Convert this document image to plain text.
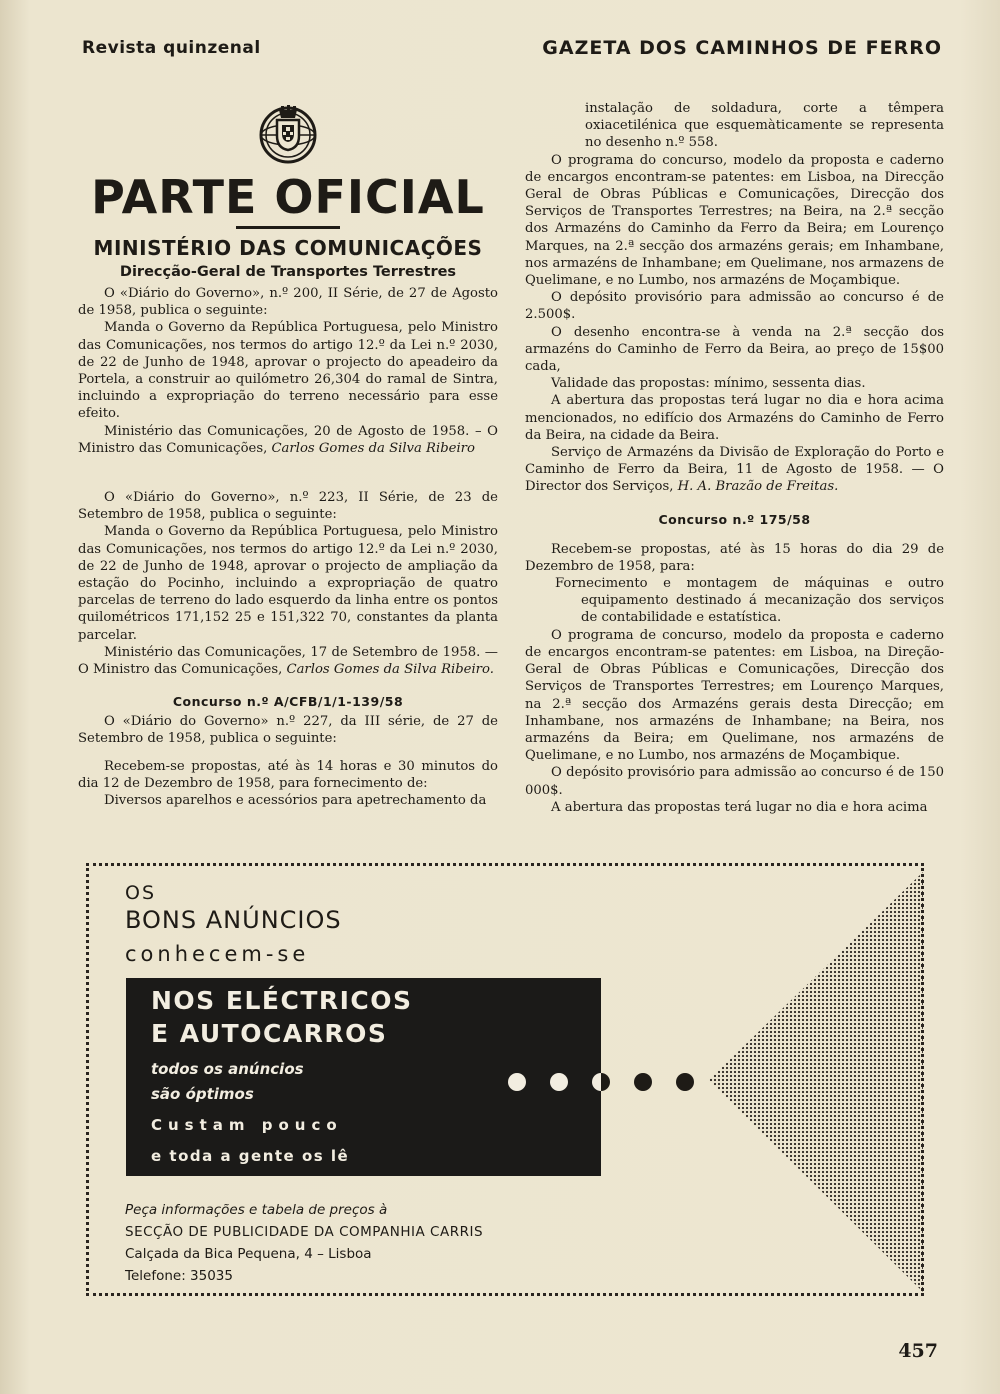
Revista quinzenal	GAZETA DOS CAMINHOS DE FERRO
PARTE OFICIAL
MINISTÉRIO DAS COMUNICAÇÕES
Direcção-Geral de Transportes Terrestres

O «Diário do Governo», n.º 200, II Série, de 27 de Agosto de 1958, publica o seguinte:

Manda o Governo da República Portuguesa, pelo Ministro das Comunicações, nos termos do artigo 12.º da Lei n.º 2030, de 22 de Junho de 1948, aprovar o projecto do apeadeiro da Portela, a construir ao quilómetro 26,304 do ramal de Sintra, incluindo a expropriação do terreno necessário para esse efeito.

Ministério das Comunicações, 20 de Agosto de 1958. – O Ministro das Comunicações, Carlos Gomes da Silva Ribeiro

O «Diário do Governo», n.º 223, II Série, de 23 de Setembro de 1958, publica o seguinte:

Manda o Governo da República Portuguesa, pelo Ministro das Comunicações, nos termos do artigo 12.º da Lei n.º 2030, de 22 de Junho de 1948, aprovar o projecto de ampliação da estação do Pocinho, incluindo a expropriação de quatro parcelas de terreno do lado esquerdo da linha entre os pontos quilométricos 171,152 25 e 151,322 70, constantes da planta parcelar.

Ministério das Comunicações, 17 de Setembro de 1958. — O Ministro das Comunicações, Carlos Gomes da Silva Ribeiro.

Concurso n.º A/CFB/1/1-139/58

O «Diário do Governo» n.º 227, da III série, de 27 de Setembro de 1958, publica o seguinte:

Recebem-se propostas, até às 14 horas e 30 minutos do dia 12 de Dezembro de 1958, para fornecimento de:

Diversos aparelhos e acessórios para apetrechamento da

instalação de soldadura, corte a têmpera oxiacetilénica que esquemàticamente se representa no desenho n.º 558.

O programa do concurso, modelo da proposta e caderno de encargos encontram-se patentes: em Lisboa, na Direcção Geral de Obras Públicas e Comunicações, Direcção dos Serviços de Transportes Terrestres; na Beira, na 2.ª secção dos Armazéns do Caminho da Ferro da Beira; em Lourenço Marques, na 2.ª secção dos armazéns gerais; em Inhambane, nos armazéns de Inhambane; em Quelimane, nos armazens de Quelimane, e no Lumbo, nos armazéns de Moçambique.

O depósito provisório para admissão ao concurso é de 2.500$.

O desenho encontra-se à venda na 2.ª secção dos armazéns do Caminho de Ferro da Beira, ao preço de 15$00 cada,

Validade das propostas: mínimo, sessenta dias.

A abertura das propostas terá lugar no dia e hora acima mencionados, no edifício dos Armazéns do Caminho de Ferro da Beira, na cidade da Beira.

Serviço de Armazéns da Divisão de Exploração do Porto e Caminho de Ferro da Beira, 11 de Agosto de 1958. — O Director dos Serviços, H. A. Brazão de Freitas.

Concurso n.º 175/58

Recebem-se propostas, até às 15 horas do dia 29 de Dezembro de 1958, para:

Fornecimento e montagem de máquinas e outro equipamento destinado á mecanização dos serviços de contabilidade e estatística.

O programa de concurso, modelo da proposta e caderno de encargos encontram-se patentes: em Lisboa, na Direção-Geral de Obras Públicas e Comunicações, Direcção dos Serviços de Transportes Terrestres; em Lourenço Marques, na 2.ª secção dos Armazéns gerais desta Direcção; em Inhambane, nos armazéns de Inhambane; na Beira, nos armazéns da Beira; em Quelimane, nos armazéns de Quelimane, e no Lumbo, nos armazéns de Moçambique.

O depósito provisório para admissão ao concurso é de 150 000$.

A abertura das propostas terá lugar no dia e hora acima

OS
BONS ANÚNCIOS
conhecem-se
NOS ELÉCTRICOS
E AUTOCARROS
todos os anúncios
são óptimos
Custam pouco
e toda a gente os lê
Peça informações e tabela de preços à
SECÇÃO DE PUBLICIDADE DA COMPANHIA CARRIS
Calçada da Bica Pequena, 4 – Lisboa
Telefone: 35035
457
